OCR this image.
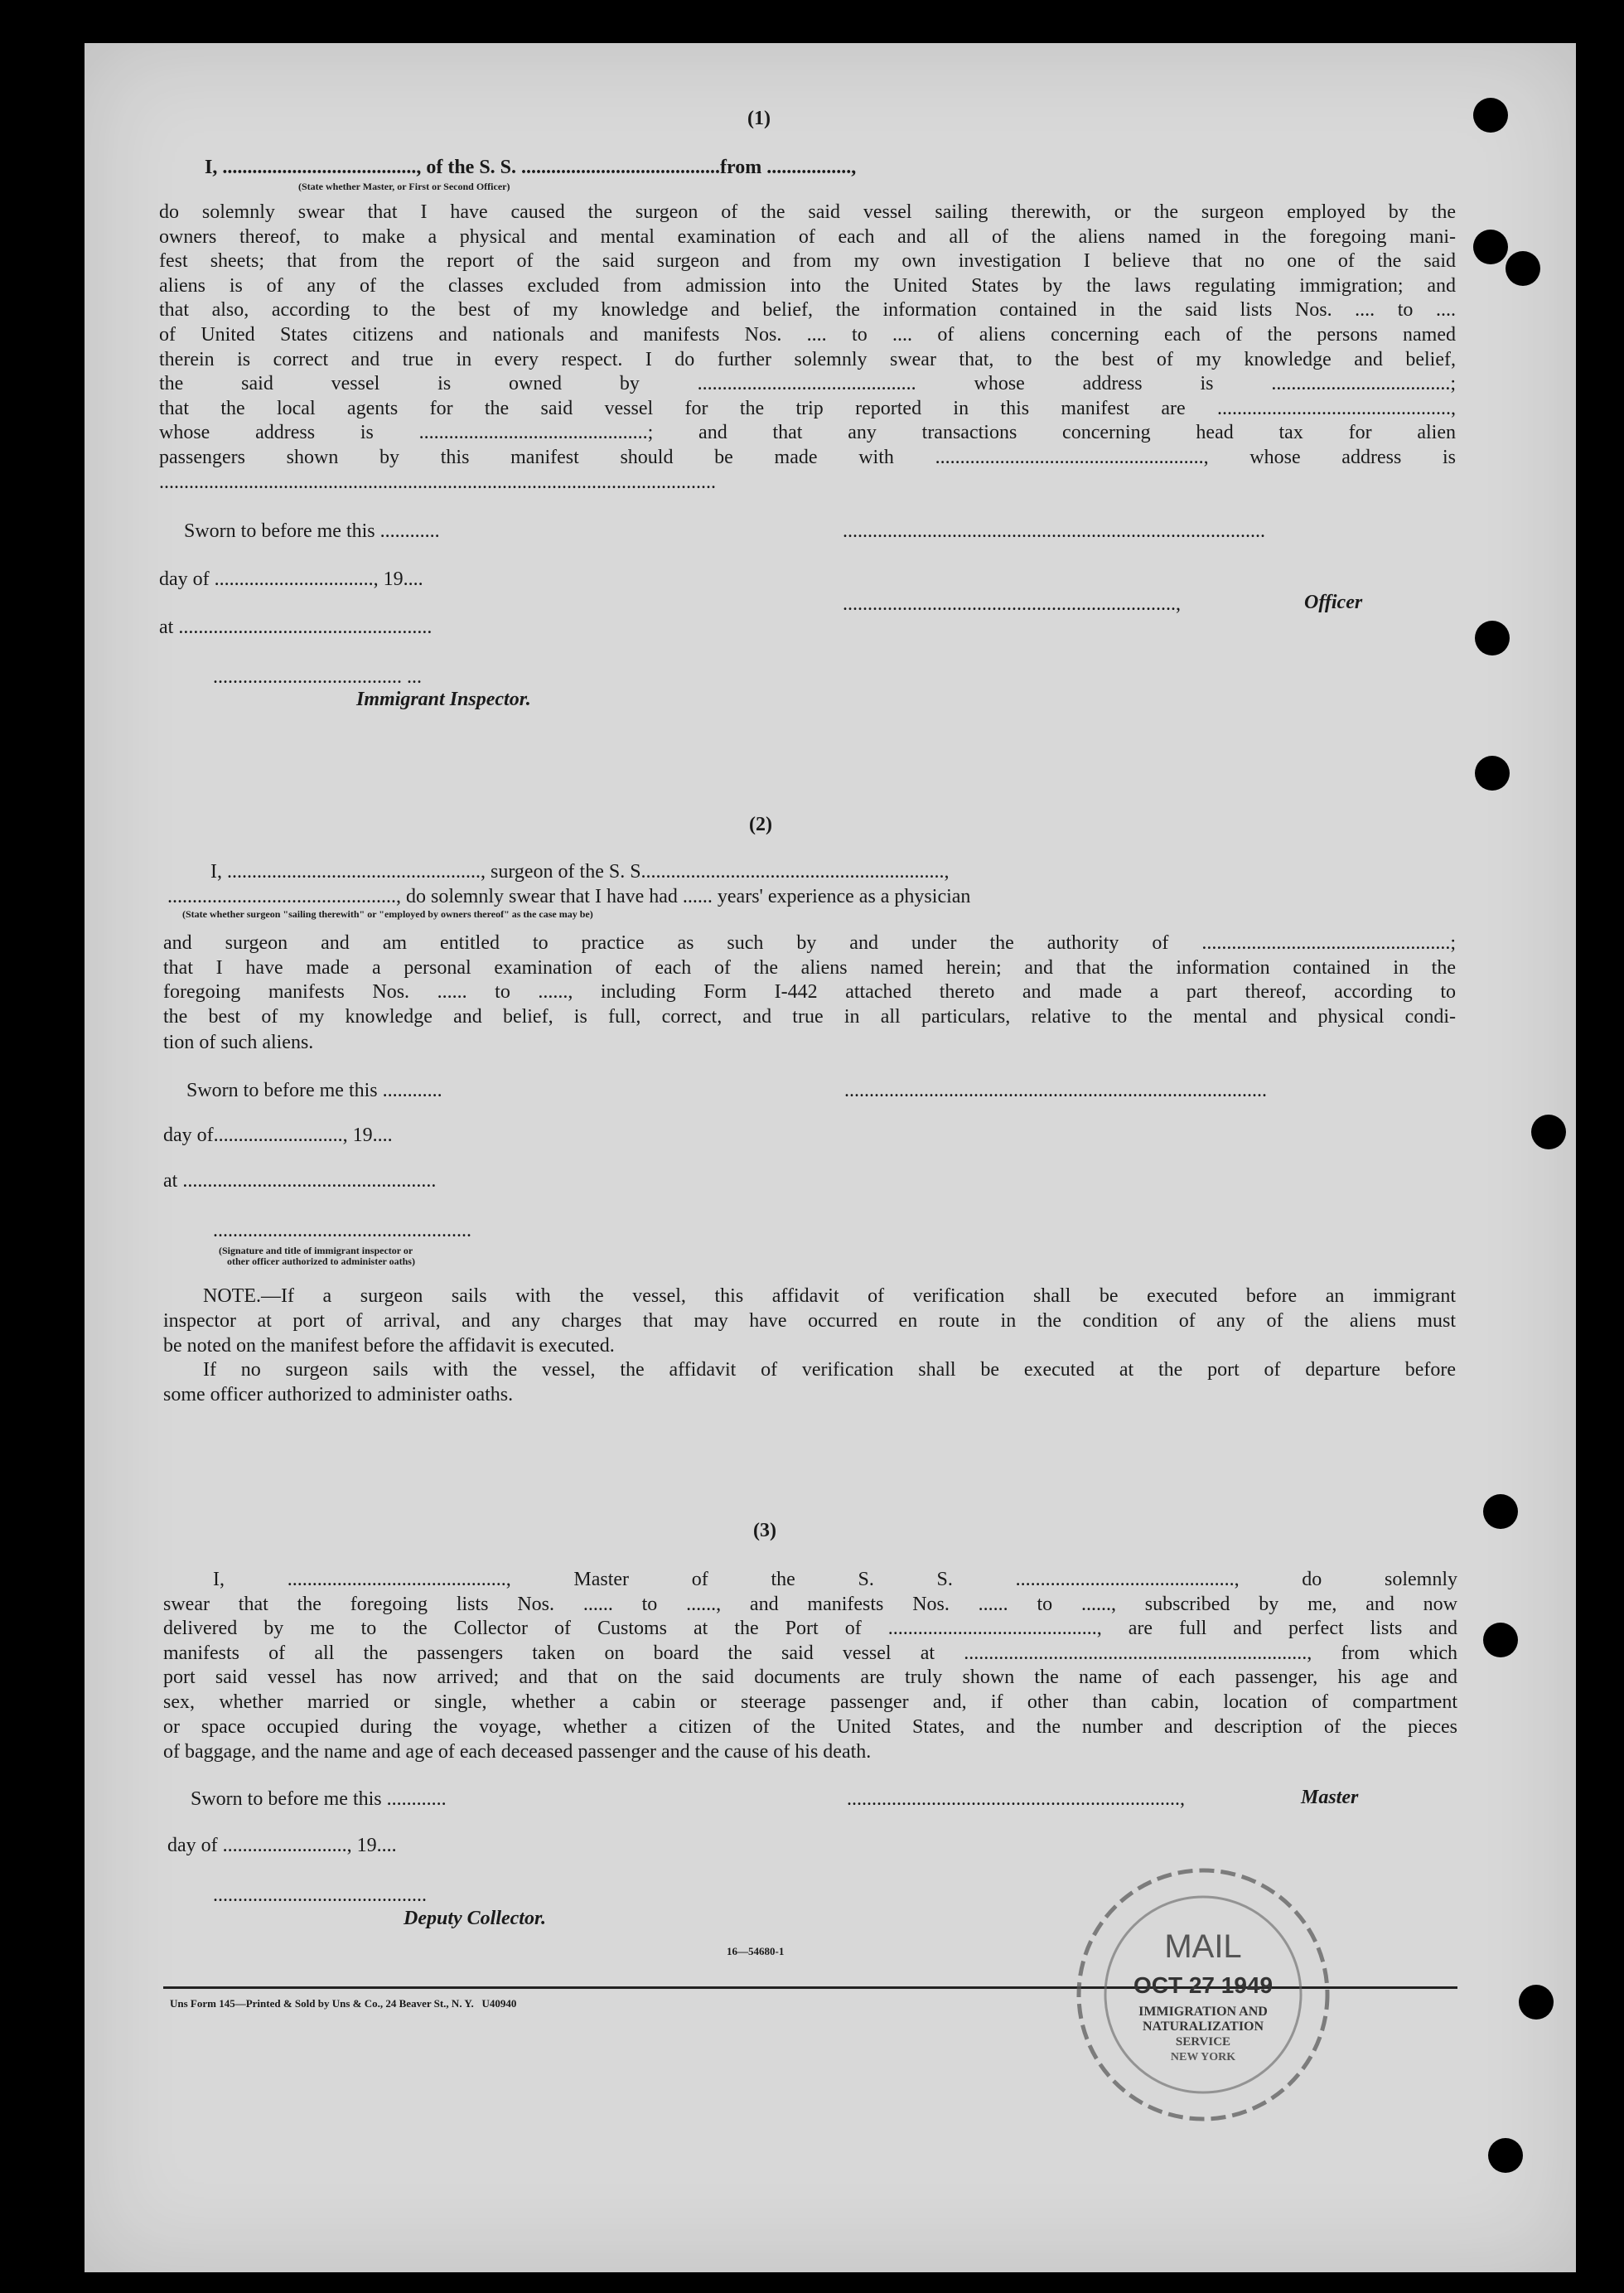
(1)
I, ......................................., of the S. S. ........................................from .................,
(State whether Master, or First or Second Officer)
do solemnly swear that I have caused the surgeon of the said vessel sailing therewith, or the surgeon employed by the
owners thereof, to make a physical and mental examination of each and all of the aliens named in the foregoing mani-
fest sheets; that from the report of the said surgeon and from my own investigation I believe that no one of the said
aliens is of any of the classes excluded from admission into the United States by the laws regulating immigration; and
that also, according to the best of my knowledge and belief, the information contained in the said lists Nos. .... to ....
of United States citizens and nationals and manifests Nos. .... to .... of aliens concerning each of the persons named
therein is correct and true in every respect. I do further solemnly swear that, to the best of my knowledge and belief,
the said vessel is owned by ............................................ whose address is ....................................;
that the local agents for the said vessel for the trip reported in this manifest are ...............................................,
whose address is ..............................................; and that any transactions concerning head tax for alien
passengers shown by this manifest should be made with ......................................................, whose address is
................................................................................................................
Sworn to before me this ............	.....................................................................................
day of ................................, 19....
...................................................................,	Officer
at ...................................................
...................................... ...
Immigrant Inspector.
(2)
I, ..................................................., surgeon of the S. S.............................................................,
.............................................., do solemnly swear that I have had ...... years' experience as a physician
(State whether surgeon "sailing therewith" or "employed by owners thereof" as the case may be)
and surgeon and am entitled to practice as such by and under the authority of ..................................................;
that I have made a personal examination of each of the aliens named herein; and that the information contained in the
foregoing manifests Nos. ...... to ......, including Form I-442 attached thereto and made a part thereof, according to
the best of my knowledge and belief, is full, correct, and true in all particulars, relative to the mental and physical condi-
tion of such aliens.
Sworn to before me this ............	.....................................................................................
day of.........................., 19....
at ...................................................
....................................................
(Signature and title of immigrant inspector or
other officer authorized to administer oaths)
NOTE.—If a surgeon sails with the vessel, this affidavit of verification shall be executed before an immigrant
inspector at port of arrival, and any charges that may have occurred en route in the condition of any of the aliens must
be noted on the manifest before the affidavit is executed.
If no surgeon sails with the vessel, the affidavit of verification shall be executed at the port of departure before
some officer authorized to administer oaths.
(3)
I, ............................................, Master of the S. S. ............................................, do solemnly
swear that the foregoing lists Nos. ...... to ......, and manifests Nos. ...... to ......, subscribed by me, and now
delivered by me to the Collector of Customs at the Port of .........................................., are full and perfect lists and
manifests of all the passengers taken on board the said vessel at ....................................................................., from which
port said vessel has now arrived; and that on the said documents are truly shown the name of each passenger, his age and
sex, whether married or single, whether a cabin or steerage passenger and, if other than cabin, location of compartment
or space occupied during the voyage, whether a citizen of the United States, and the number and description of the pieces
of baggage, and the name and age of each deceased passenger and the cause of his death.
Sworn to before me this ............	...................................................................,	Master
day of ........................., 19....
...........................................
Deputy Collector.
16—54680-1
Uns Form 145—Printed & Sold by Uns & Co., 24 Beaver St., N. Y.   U40940
MAIL
OCT 27 1949
IMMIGRATION AND
NATURALIZATION
SERVICE
NEW YORK
